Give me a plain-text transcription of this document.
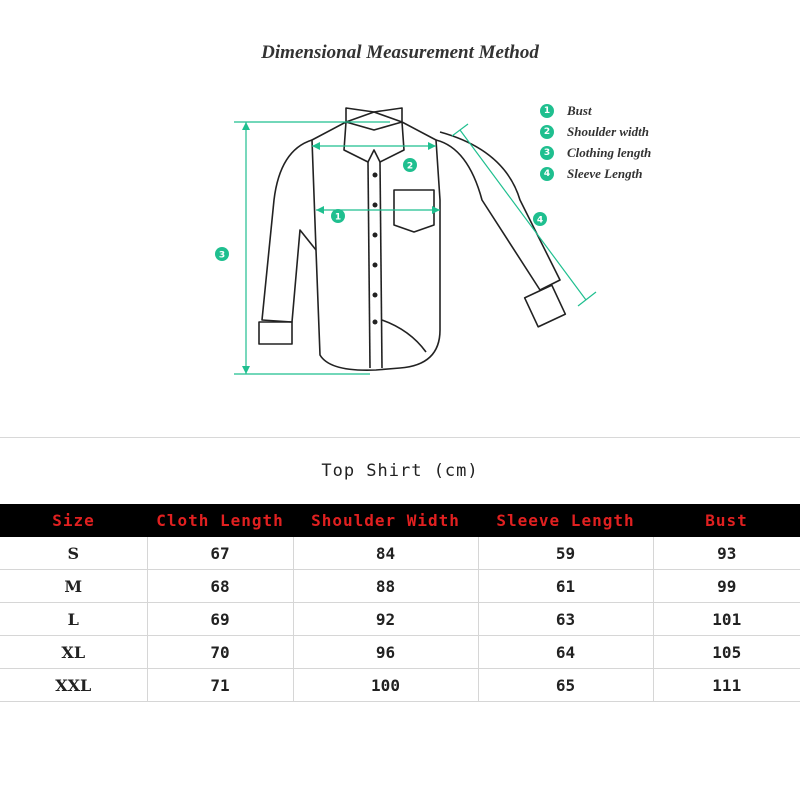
Dimensional Measurement Method
1
2
3
4
1 Bust
2 Shoulder width
3 Clothing length
4 Sleeve Length
Top Shirt (cm)
Size	Cloth Length	Shoulder Width	Sleeve Length	Bust
S	67	84	59	93
M	68	88	61	99
L	69	92	63	101
XL	70	96	64	105
XXL	71	100	65	111
